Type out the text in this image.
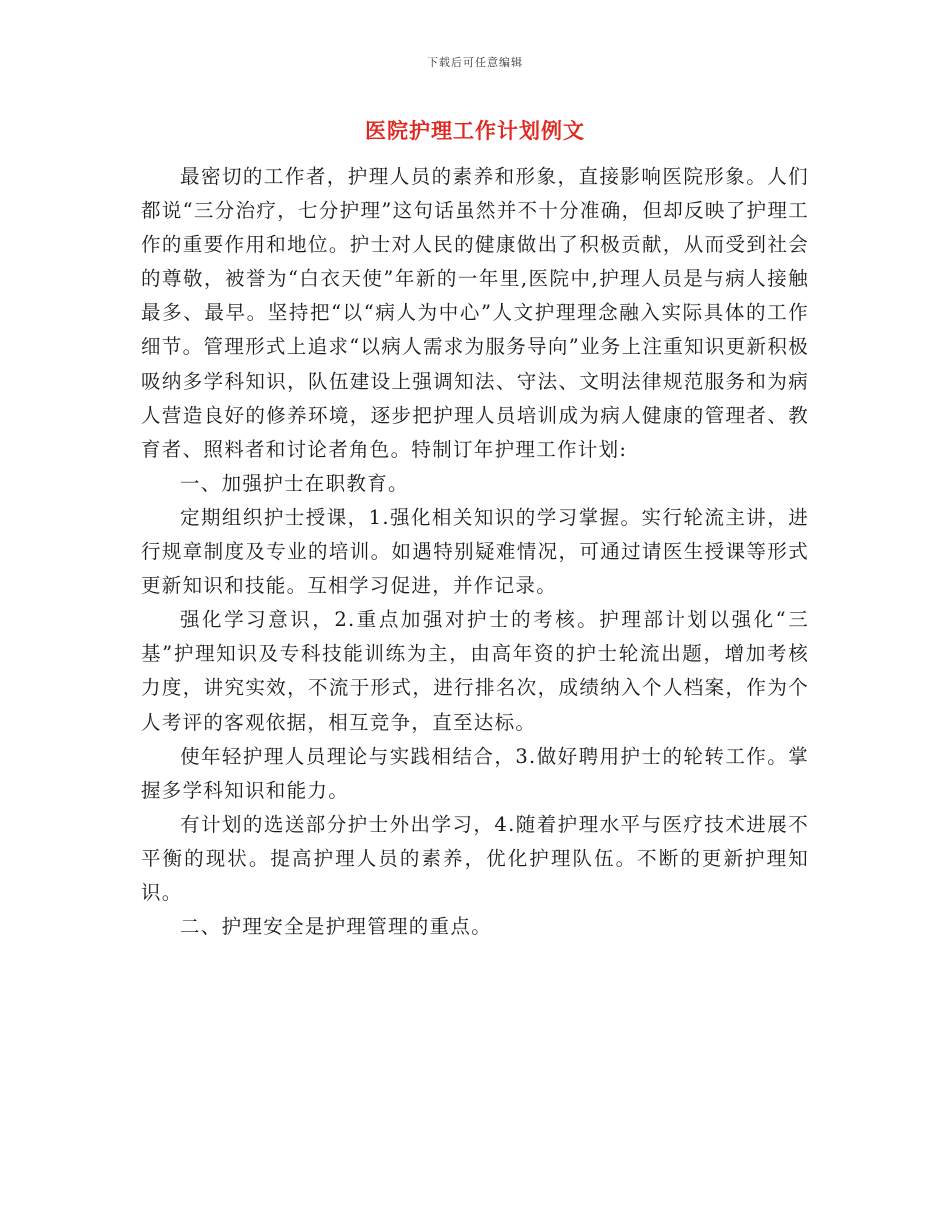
下载后可任意编辑
医院护理工作计划例文

最密切的工作者，护理人员的素养和形象，直接影响医院形象。人们都说“三分治疗，七分护理”这句话虽然并不十分准确，但却反映了护理工作的重要作用和地位。护士对人民的健康做出了积极贡献，从而受到社会的尊敬，被誉为“白衣天使”年新的一年里,医院中,护理人员是与病人接触最多、最早。坚持把“以“病人为中心”人文护理理念融入实际具体的工作细节。管理形式上追求“以病人需求为服务导向”业务上注重知识更新积极吸纳多学科知识，队伍建设上强调知法、守法、文明法律规范服务和为病人营造良好的修养环境，逐步把护理人员培训成为病人健康的管理者、教育者、照料者和讨论者角色。特制订年护理工作计划:

一、加强护士在职教育。

定期组织护士授课，1.强化相关知识的学习掌握。实行轮流主讲，进行规章制度及专业的培训。如遇特别疑难情况，可通过请医生授课等形式更新知识和技能。互相学习促进，并作记录。

强化学习意识，2.重点加强对护士的考核。护理部计划以强化“三基”护理知识及专科技能训练为主，由高年资的护士轮流出题，增加考核力度，讲究实效，不流于形式，进行排名次，成绩纳入个人档案，作为个人考评的客观依据，相互竞争，直至达标。

使年轻护理人员理论与实践相结合，3.做好聘用护士的轮转工作。掌握多学科知识和能力。

有计划的选送部分护士外出学习，4.随着护理水平与医疗技术进展不平衡的现状。提高护理人员的素养，优化护理队伍。不断的更新护理知识。

二、护理安全是护理管理的重点。
